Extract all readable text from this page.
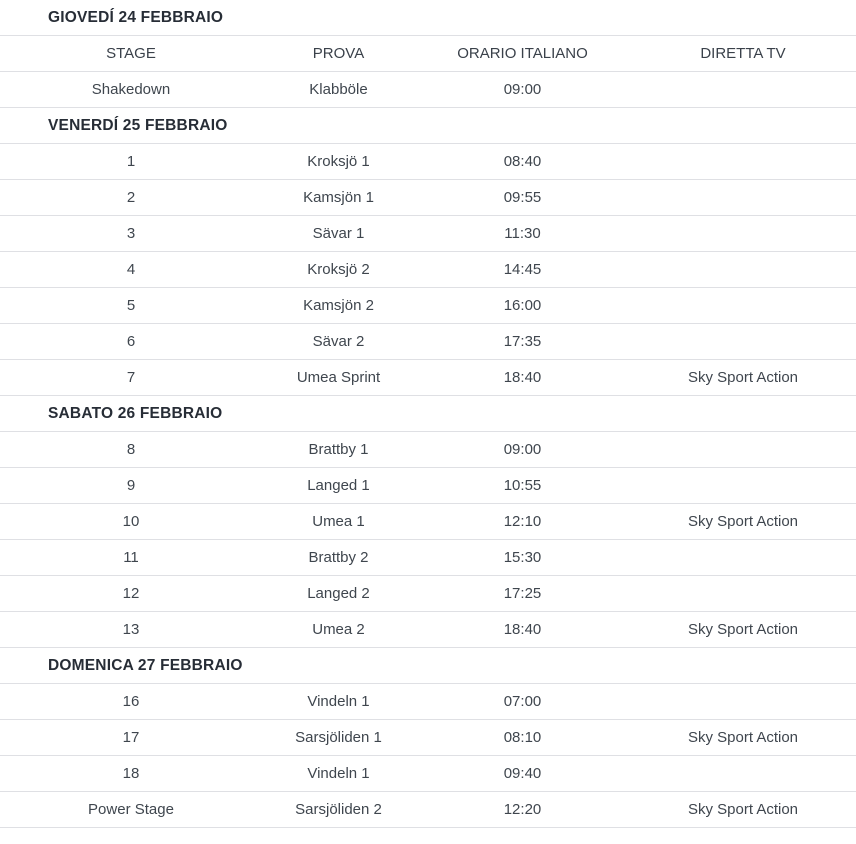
GIOVEDÍ 24 FEBBRAIO
STAGE	PROVA	ORARIO ITALIANO	DIRETTA TV
Shakedown	Klabböle	09:00
VENERDÍ 25 FEBBRAIO
1	Kroksjö 1	08:40
2	Kamsjön 1	09:55
3	Sävar 1	11:30
4	Kroksjö 2	14:45
5	Kamsjön 2	16:00
6	Sävar 2	17:35
7	Umea Sprint	18:40	Sky Sport Action
SABATO 26 FEBBRAIO
8	Brattby 1	09:00
9	Langed 1	10:55
10	Umea 1	12:10	Sky Sport Action
11	Brattby 2	15:30
12	Langed 2	17:25
13	Umea 2	18:40	Sky Sport Action
DOMENICA 27 FEBBRAIO
16	Vindeln 1	07:00
17	Sarsjöliden 1	08:10	Sky Sport Action
18	Vindeln 1	09:40
Power Stage	Sarsjöliden 2	12:20	Sky Sport Action
